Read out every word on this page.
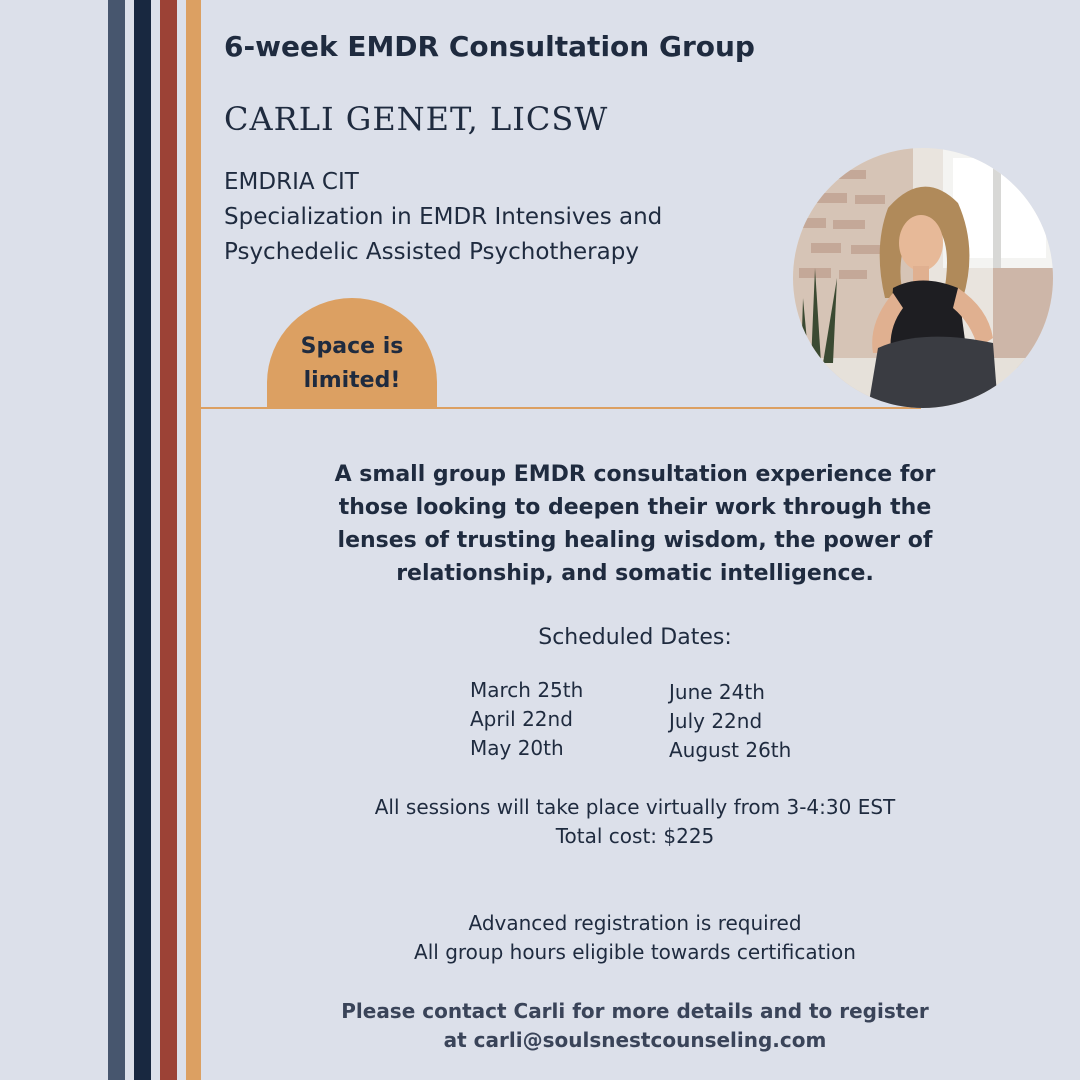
6-week EMDR Consultation Group
CARLI GENET, LICSW
EMDRIA CIT
Specialization in EMDR Intensives and
Psychedelic Assisted Psychotherapy
Space is
limited!
A small group EMDR consultation experience for those looking to deepen their work through the lenses of trusting healing wisdom, the power of relationship, and somatic intelligence.
Scheduled Dates:
March 25th
April 22nd
May 20th
June 24th
July 22nd
August 26th
All sessions will take place virtually from 3-4:30 EST
Total cost: $225
Advanced registration is required
All group hours eligible towards certification
Please contact Carli for more details and to register
at carli@soulsnestcounseling.com
